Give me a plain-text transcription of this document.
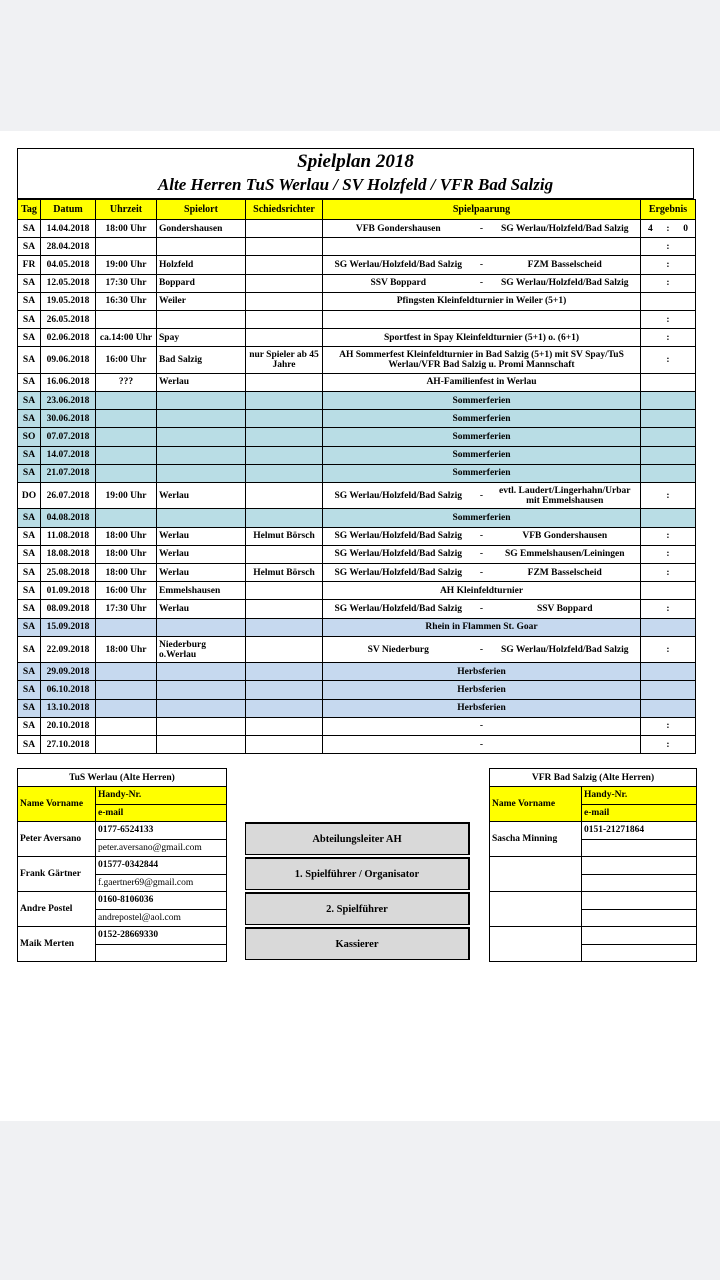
Spielplan 2018
Alte Herren TuS Werlau / SV Holzfeld / VFR Bad Salzig
Tag	Datum	Uhrzeit	Spielort	Schiedsrichter	Spielpaarung	Ergebnis
SA	14.04.2018	18:00 Uhr	Gondershausen		VFB Gondershausen - SG Werlau/Holzfeld/Bad Salzig	4 : 0

SA	28.04.2018					:

FR	04.05.2018	19:00 Uhr	Holzfeld		SG Werlau/Holzfeld/Bad Salzig - FZM Basselscheid	:

SA	12.05.2018	17:30 Uhr	Boppard		SSV Boppard - SG Werlau/Holzfeld/Bad Salzig	:

SA	19.05.2018	16:30 Uhr	Weiler		Pfingsten Kleinfeldturnier in Weiler (5+1)	

SA	26.05.2018					:

SA	02.06.2018	ca.14:00 Uhr	Spay		Sportfest in Spay Kleinfeldturnier (5+1) o. (6+1)	:

SA	09.06.2018	16:00 Uhr	Bad Salzig	nur Spieler ab 45 Jahre	AH Sommerfest Kleinfeldturnier in Bad Salzig (5+1) mit SV Spay/TuS Werlau/VFR Bad Salzig u. Promi Mannschaft	:

SA	16.06.2018	???	Werlau		AH-Familienfest in Werlau	

SA	23.06.2018				Sommerferien	

SA	30.06.2018				Sommerferien	

SO	07.07.2018				Sommerferien	

SA	14.07.2018				Sommerferien	

SA	21.07.2018				Sommerferien	

DO	26.07.2018	19:00 Uhr	Werlau		SG Werlau/Holzfeld/Bad Salzig - evtl. Laudert/Lingerhahn/Urbar mit Emmelshausen	:

SA	04.08.2018				Sommerferien	

SA	11.08.2018	18:00 Uhr	Werlau	Helmut Börsch	SG Werlau/Holzfeld/Bad Salzig - VFB Gondershausen	:

SA	18.08.2018	18:00 Uhr	Werlau		SG Werlau/Holzfeld/Bad Salzig - SG Emmelshausen/Leiningen	:

SA	25.08.2018	18:00 Uhr	Werlau	Helmut Börsch	SG Werlau/Holzfeld/Bad Salzig - FZM Basselscheid	:

SA	01.09.2018	16:00 Uhr	Emmelshausen		AH Kleinfeldturnier	

SA	08.09.2018	17:30 Uhr	Werlau		SG Werlau/Holzfeld/Bad Salzig - SSV Boppard	:

SA	15.09.2018				Rhein in Flammen St. Goar	

SA	22.09.2018	18:00 Uhr	Niederburg o.Werlau		SV Niederburg - SG Werlau/Holzfeld/Bad Salzig	:

SA	29.09.2018				Herbsferien	

SA	06.10.2018				Herbsferien	

SA	13.10.2018				Herbsferien	

SA	20.10.2018				-	:

SA	27.10.2018				-	:
TuS Werlau (Alte Herren)	
Name Vorname	Handy-Nr.
	e-mail
Peter Aversano	0177-6524133
	peter.aversano@gmail.com
Frank Gärtner	01577-0342844
	f.gaertner69@gmail.com
Andre Postel	0160-8106036
	andrepostel@aol.com
Maik Merten	0152-28669330

Abteilungsleiter AH
1. Spielführer / Organisator
2. Spielführer
Kassierer
VFR Bad Salzig (Alte Herren)	
Name Vorname	Handy-Nr.
	e-mail
Sascha Minning	0151-21271864
